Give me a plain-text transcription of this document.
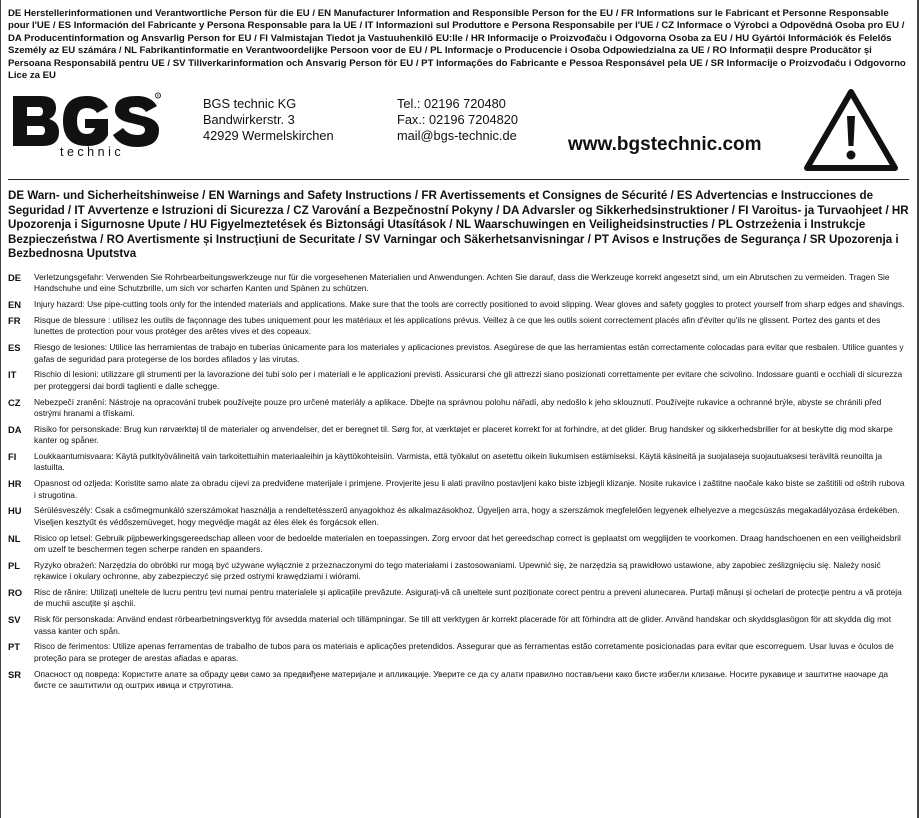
DE Herstellerinformationen und Verantwortliche Person für die EU / EN Manufacturer Information and Responsible Person for the EU / FR Informations sur le Fabricant et Personne Responsable pour l'UE / ES Información del Fabricante y Persona Responsable para la UE / IT Informazioni sul Produttore e Persona Responsabile per l'UE / CZ Informace o Výrobci a Odpovědná Osoba pro EU / DA Producentinformation og Ansvarlig Person for EU / FI Valmistajan Tiedot ja Vastuuhenkilö EU:lle / HR Informacije o Proizvođaču i Odgovorna Osoba za EU / HU Gyártói Információk és Felelős Személy az EU számára / NL Fabrikantinformatie en Verantwoordelijke Persoon voor de EU / PL Informacje o Producencie i Osoba Odpowiedzialna za UE / RO Informații despre Producător și Persoana Responsabilă pentru UE / SV Tillverkarinformation och Ansvarig Person för EU / PT Informações do Fabricante e Pessoa Responsável pela UE / SR Informacije o Proizvođaču i Odgovorno Lice za EU

R
technic
BGS technic KG
Bandwirkerstr. 3
42929 Wermelskirchen
Tel.: 02196 720480
Fax.: 02196 7204820
mail@bgs-technic.de	www.bgstechnic.com

DE Warn- und Sicherheitshinweise / EN Warnings and Safety Instructions / FR Avertissements et Consignes de Sécurité / ES Advertencias e Instrucciones de Seguridad / IT Avvertenze e Istruzioni di Sicurezza / CZ Varování a Bezpečnostní Pokyny / DA Advarsler og Sikkerhedsinstruktioner / FI Varoitus- ja Turvaohjeet / HR Upozorenja i Sigurnosne Upute / HU Figyelmeztetések és Biztonsági Utasítások / NL Waarschuwingen en Veiligheidsinstructies / PL Ostrzeżenia i Instrukcje Bezpieczeństwa / RO Avertismente și Instrucțiuni de Securitate / SV Varningar och Säkerhetsanvisningar / PT Avisos e Instruções de Segurança / SR Upozorenja i Bezbednosna Uputstva

DE	Verletzungsgefahr: Verwenden Sie Rohrbearbeitungswerkzeuge nur für die vorgesehenen Materialien und Anwendungen. Achten Sie darauf, dass die Werkzeuge korrekt angesetzt sind, um ein Abrutschen zu vermeiden. Tragen Sie Handschuhe und eine Schutzbrille, um sich vor scharfen Kanten und Spänen zu schützen.
EN	Injury hazard: Use pipe-cutting tools only for the intended materials and applications. Make sure that the tools are correctly positioned to avoid slipping. Wear gloves and safety goggles to protect yourself from sharp edges and shavings.
FR	Risque de blessure : utilisez les outils de façonnage des tubes uniquement pour les matériaux et les applications prévus. Veillez à ce que les outils soient correctement placés afin d'éviter qu'ils ne glissent. Portez des gants et des lunettes de protection pour vous protéger des arêtes vives et des copeaux.
ES	Riesgo de lesiones: Utilice las herramientas de trabajo en tuberías únicamente para los materiales y aplicaciones previstos. Asegúrese de que las herramientas están correctamente colocadas para evitar que resbalen. Utilice guantes y gafas de seguridad para protegerse de los bordes afilados y las virutas.
IT	Rischio di lesioni: utilizzare gli strumenti per la lavorazione dei tubi solo per i materiali e le applicazioni previsti. Assicurarsi che gli attrezzi siano posizionati correttamente per evitare che scivolino. Indossare guanti e occhiali di sicurezza per proteggersi dai bordi taglienti e dalle schegge.
CZ	Nebezpečí zranění: Nástroje na opracování trubek používejte pouze pro určené materiály a aplikace. Dbejte na správnou polohu nářadí, aby nedošlo k jeho sklouznutí. Používejte rukavice a ochranné brýle, abyste se chránili před ostrými hranami a třískami.
DA	Risiko for personskade: Brug kun rørværktøj til de materialer og anvendelser, det er beregnet til. Sørg for, at værktøjet er placeret korrekt for at forhindre, at det glider. Brug handsker og sikkerhedsbriller for at beskytte dig mod skarpe kanter og spåner.
FI	Loukkaantumisvaara: Käytä putkityövälineitä vain tarkoitettuihin materiaaleihin ja käyttökohteisiin. Varmista, että työkalut on asetettu oikein liukumisen estämiseksi. Käytä käsineitä ja suojalaseja suojautuaksesi teräviltä reunoilta ja lastuilta.
HR	Opasnost od ozljeda: Koristite samo alate za obradu cijevi za predviđene materijale i primjene. Provjerite jesu li alati pravilno postavljeni kako biste izbjegli klizanje. Nosite rukavice i zaštitne naočale kako biste se zaštitili od oštrih rubova i strugotina.
HU	Sérülésveszély: Csak a csőmegmunkáló szerszámokat használja a rendeltetésszerű anyagokhoz és alkalmazásokhoz. Ügyeljen arra, hogy a szerszámok megfelelően legyenek elhelyezve a megcsúszás megakadályozása érdekében. Viseljen kesztyűt és védőszemüveget, hogy megvédje magát az éles élek és forgácsok ellen.
NL	Risico op letsel: Gebruik pijpbewerkingsgereedschap alleen voor de bedoelde materialen en toepassingen. Zorg ervoor dat het gereedschap correct is geplaatst om wegglijden te voorkomen. Draag handschoenen en een veiligheidsbril om uzelf te beschermen tegen scherpe randen en spaanders.
PL	Ryzyko obrażeń: Narzędzia do obróbki rur mogą być używane wyłącznie z przeznaczonymi do tego materiałami i zastosowaniami. Upewnić się, że narzędzia są prawidłowo ustawione, aby zapobiec ześlizgnięciu się. Należy nosić rękawice i okulary ochronne, aby zabezpieczyć się przed ostrymi krawędziami i wiórami.
RO	Risc de rănire: Utilizați uneltele de lucru pentru țevi numai pentru materialele și aplicațiile prevăzute. Asigurați-vă că uneltele sunt poziționate corect pentru a preveni alunecarea. Purtați mănuși și ochelari de protecție pentru a vă proteja de muchii ascuțite și așchii.
SV	Risk för personskada: Använd endast rörbearbetningsverktyg för avsedda material och tillämpningar. Se till att verktygen är korrekt placerade för att förhindra att de glider. Använd handskar och skyddsglasögon för att skydda dig mot vassa kanter och spån.
PT	Risco de ferimentos: Utilize apenas ferramentas de trabalho de tubos para os materiais e aplicações pretendidos. Assegurar que as ferramentas estão corretamente posicionadas para evitar que escorreguem. Usar luvas e óculos de proteção para se proteger de arestas afiadas e aparas.
SR	Опасност од повреда: Користите алате за обраду цеви само за предвиђене материјале и апликације. Уверите се да су алати правилно постављени како бисте избегли клизање. Носите рукавице и заштитне наочаре да бисте се заштитили од оштрих ивица и струготина.
